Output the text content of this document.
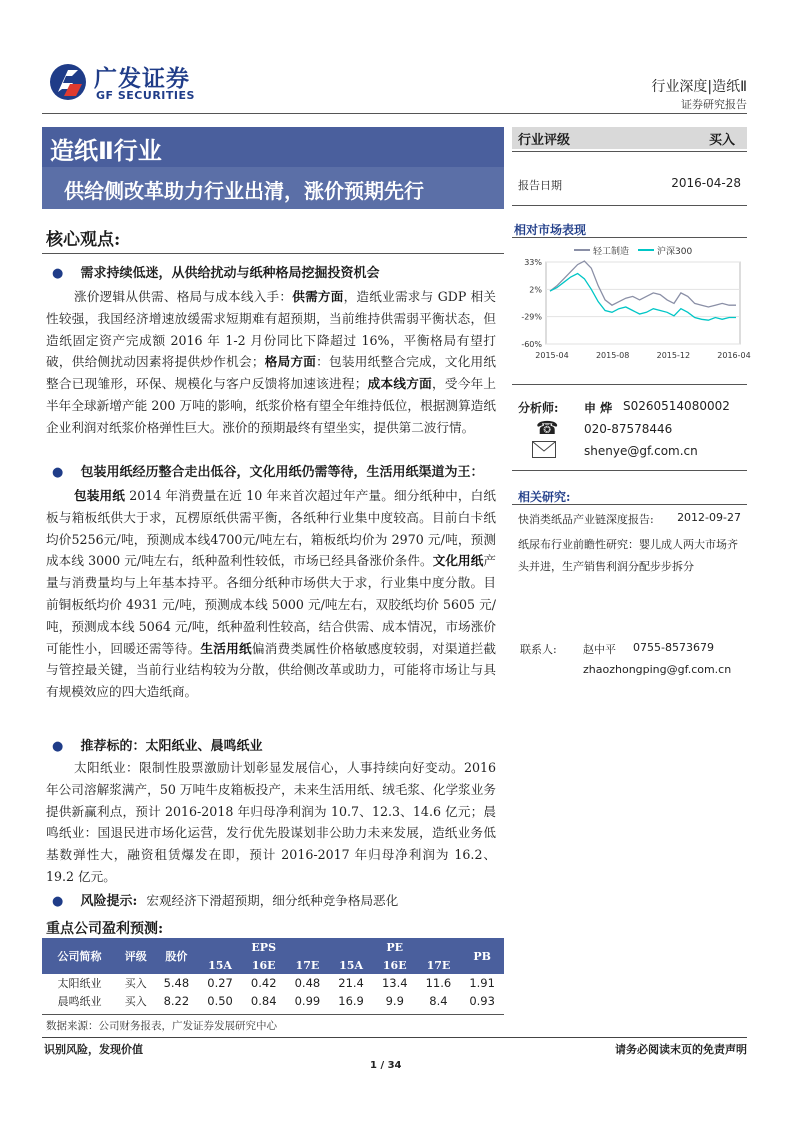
广发证券
GF SECURITIES
行业深度|造纸Ⅱ
证券研究报告
造纸Ⅱ行业
供给侧改革助力行业出清，涨价预期先行
行业评级	买入
报告日期	2016-04-28
相对市场表现
轻工制造	沪深300
33%
2%
-29%
-60%
2015-04	2015-08	2015-12	2016-04
分析师: 申 烨 S0260514080002
☎ 020-87578446
shenye@gf.com.cn
相关研究:
快消类纸品产业链深度报告: 2012-09-27
纸尿布行业前瞻性研究：婴儿成人两大市场齐头并进，生产销售利润分配步步拆分
联系人: 赵中平 0755-8573679
zhaozhongping@gf.com.cn
核心观点:
● 需求持续低迷，从供给扰动与纸种格局挖掘投资机会
涨价逻辑从供需、格局与成本线入手：供需方面，造纸业需求与 GDP 相关性较强，我国经济增速放缓需求短期难有超预期，当前维持供需弱平衡状态，但造纸固定资产完成额 2016 年 1-2 月份同比下降超过 16%，平衡格局有望打破，供给侧扰动因素将提供炒作机会；格局方面：包装用纸整合完成，文化用纸整合已现雏形，环保、规模化与客户反馈将加速该进程；成本线方面，受今年上半年全球新增产能 200 万吨的影响，纸浆价格有望全年维持低位，根据测算造纸企业利润对纸浆价格弹性巨大。涨价的预期最终有望坐实，提供第二波行情。
● 包装用纸经历整合走出低谷，文化用纸仍需等待，生活用纸渠道为王：
包装用纸 2014 年消费量在近 10 年来首次超过年产量。细分纸种中，白纸板与箱板纸供大于求，瓦楞原纸供需平衡，各纸种行业集中度较高。目前白卡纸均价5256元/吨，预测成本线4700元/吨左右，箱板纸均价为 2970 元/吨，预测成本线 3000 元/吨左右，纸种盈利性较低，市场已经具备涨价条件。文化用纸产量与消费量均与上年基本持平。各细分纸种市场供大于求，行业集中度分散。目前铜板纸均价 4931 元/吨，预测成本线 5000 元/吨左右，双胶纸均价 5605 元/吨，预测成本线 5064 元/吨，纸种盈利性较高，结合供需、成本情况，市场涨价可能性小，回暖还需等待。生活用纸偏消费类属性价格敏感度较弱，对渠道拦截与管控最关键，当前行业结构较为分散，供给侧改革或助力，可能将市场让与具有规模效应的四大造纸商。
● 推荐标的：太阳纸业、晨鸣纸业
太阳纸业：限制性股票激励计划彰显发展信心，人事持续向好变动。2016 年公司溶解浆满产，50 万吨牛皮箱板投产，未来生活用纸、绒毛浆、化学浆业务提供新赢利点，预计 2016-2018 年归母净利润为 10.7、12.3、14.6 亿元；晨鸣纸业：国退民进市场化运营，发行优先股谋划非公助力未来发展，造纸业务低基数弹性大，融资租赁爆发在即，预计 2016-2017 年归母净利润为 16.2、19.2 亿元。
● 风险提示: 宏观经济下滑超预期，细分纸种竞争格局恶化
重点公司盈利预测:
公司简称	评级	股价	EPS			PE			PB
			15A	16E	17E	15A	16E	17E	
太阳纸业	买入	5.48	0.27	0.42	0.48	21.4	13.4	11.6	1.91
晨鸣纸业	买入	8.22	0.50	0.84	0.99	16.9	9.9	8.4	0.93
数据来源：公司财务报表，广发证券发展研究中心
识别风险，发现价值	请务必阅读末页的免责声明
1 / 34
